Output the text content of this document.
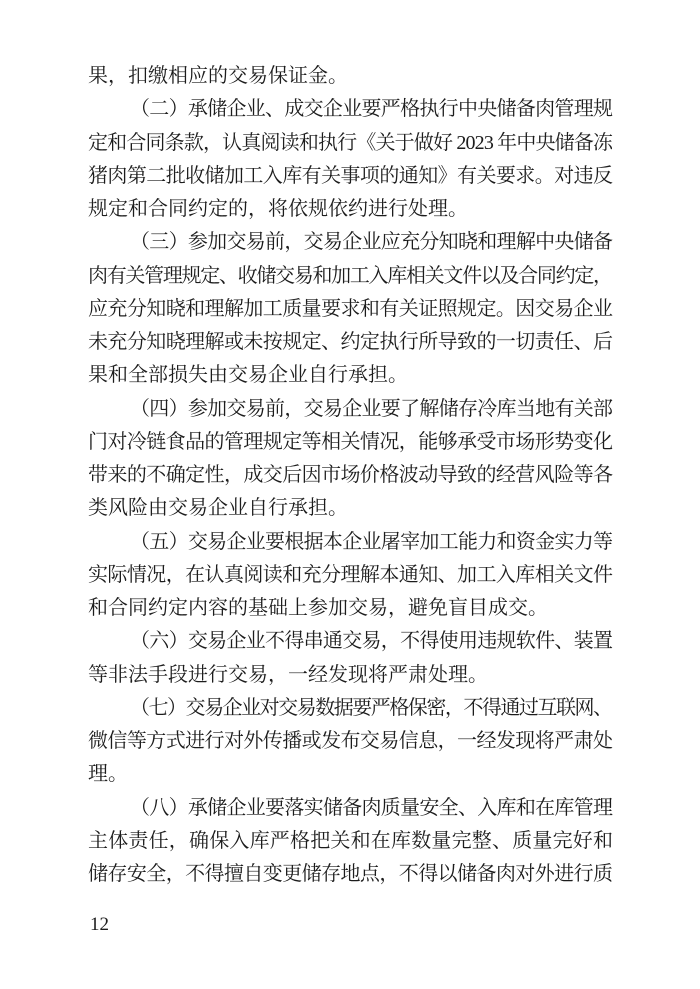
果，扣缴相应的交易保证金。
（二）承储企业、成交企业要严格执行中央储备肉管理规
定和合同条款，认真阅读和执行《关于做好 2023 年中央储备冻
猪肉第二批收储加工入库有关事项的通知》有关要求。对违反
规定和合同约定的，将依规依约进行处理。
（三）参加交易前，交易企业应充分知晓和理解中央储备
肉有关管理规定、收储交易和加工入库相关文件以及合同约定，
应充分知晓和理解加工质量要求和有关证照规定。因交易企业
未充分知晓理解或未按规定、约定执行所导致的一切责任、后
果和全部损失由交易企业自行承担。
（四）参加交易前，交易企业要了解储存冷库当地有关部
门对冷链食品的管理规定等相关情况，能够承受市场形势变化
带来的不确定性，成交后因市场价格波动导致的经营风险等各
类风险由交易企业自行承担。
（五）交易企业要根据本企业屠宰加工能力和资金实力等
实际情况，在认真阅读和充分理解本通知、加工入库相关文件
和合同约定内容的基础上参加交易，避免盲目成交。
（六）交易企业不得串通交易，不得使用违规软件、装置
等非法手段进行交易，一经发现将严肃处理。
（七）交易企业对交易数据要严格保密，不得通过互联网、
微信等方式进行对外传播或发布交易信息，一经发现将严肃处
理。
（八）承储企业要落实储备肉质量安全、入库和在库管理
主体责任，确保入库严格把关和在库数量完整、质量完好和
储存安全，不得擅自变更储存地点，不得以储备肉对外进行质
12
